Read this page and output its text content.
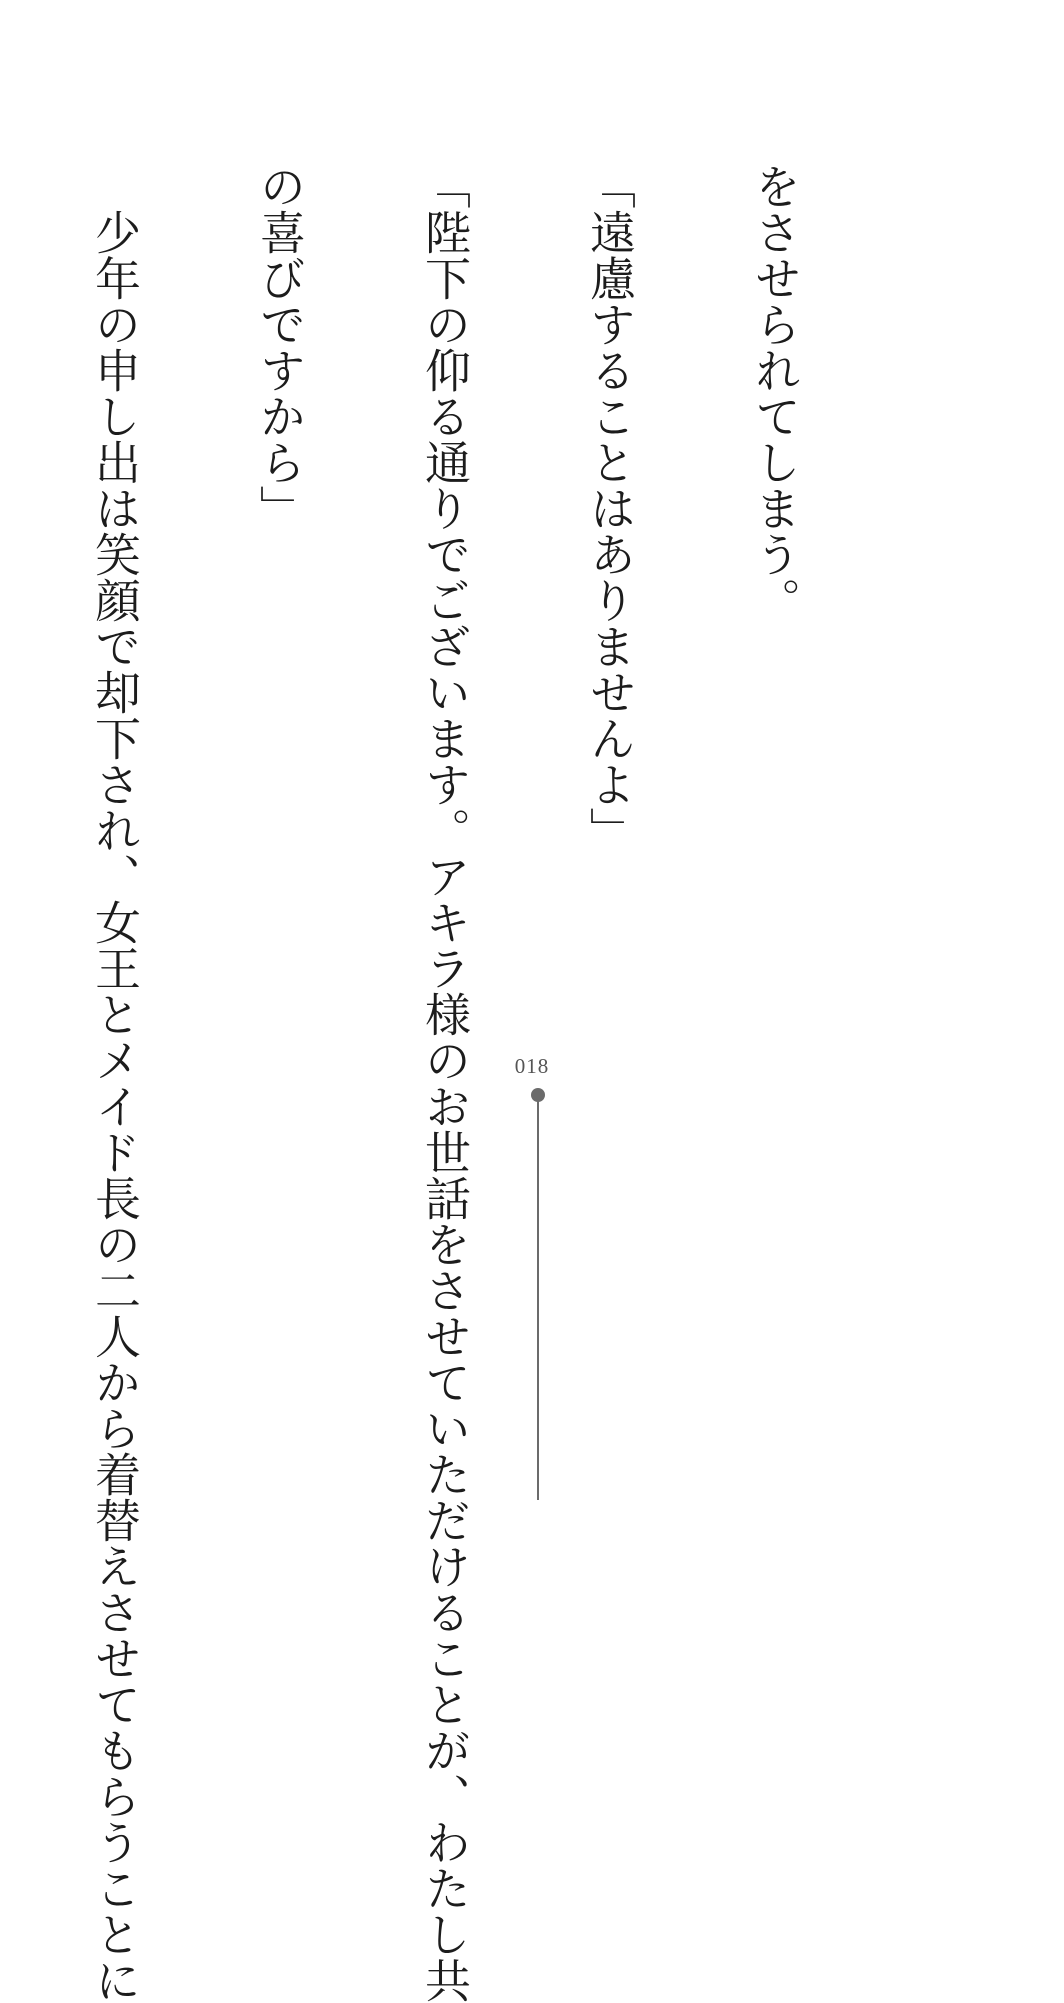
をさせられてしまう。

「遠慮することはありませんよ」

「陛下の仰る通りでございます。アキラ様のお世話をさせていただけることが、わたし共

の喜びですから」

　少年の申し出は笑顔で却下され、女王とメイド長の二人から着替えさせてもらうことに

	018
